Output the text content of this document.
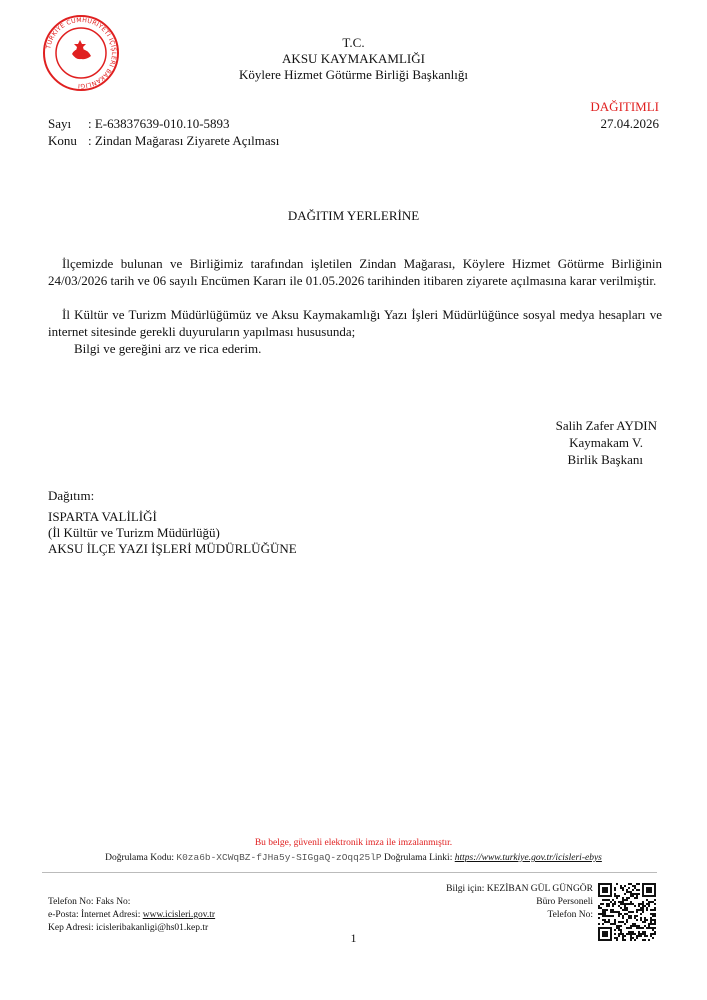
TÜRKİYE CUMHURİYETİ İÇİŞLERİ BAKANLIĞI
T.C.
AKSU KAYMAKAMLIĞI
Köylere Hizmet Götürme Birliği Başkanlığı
DAĞITIMLI
27.04.2026
Sayı : E-63837639-010.10-5893
Konu : Zindan Mağarası Ziyarete Açılması
DAĞITIM YERLERİNE
İlçemizde bulunan ve Birliğimiz tarafından işletilen Zindan Mağarası, Köylere Hizmet Götürme Birliğinin 24/03/2026 tarih ve 06 sayılı Encümen Kararı ile 01.05.2026 tarihinden itibaren ziyarete açılmasına karar verilmiştir.
İl Kültür ve Turizm Müdürlüğümüz ve Aksu Kaymakamlığı Yazı İşleri Müdürlüğünce sosyal medya hesapları ve internet sitesinde gerekli duyuruların yapılması hususunda;
Bilgi ve gereğini arz ve rica ederim.
Salih Zafer AYDIN
Kaymakam V.
Birlik Başkanı
Dağıtım:
ISPARTA VALİLİĞİ
(İl Kültür ve Turizm Müdürlüğü)
AKSU İLÇE YAZI İŞLERİ MÜDÜRLÜĞÜNE
Bu belge, güvenli elektronik imza ile imzalanmıştır.
Doğrulama Kodu: K0za6b-XCWqBZ-fJHa5y-SIGgaQ-zOqq25lP Doğrulama Linki: https://www.turkiye.gov.tr/icisleri-ebys
Bilgi için: KEZİBAN GÜL GÜNGÖR
Büro Personeli
Telefon No:
Telefon No: Faks No:
e-Posta: İnternet Adresi: www.icisleri.gov.tr
Kep Adresi: icisleribakanligi@hs01.kep.tr
1
